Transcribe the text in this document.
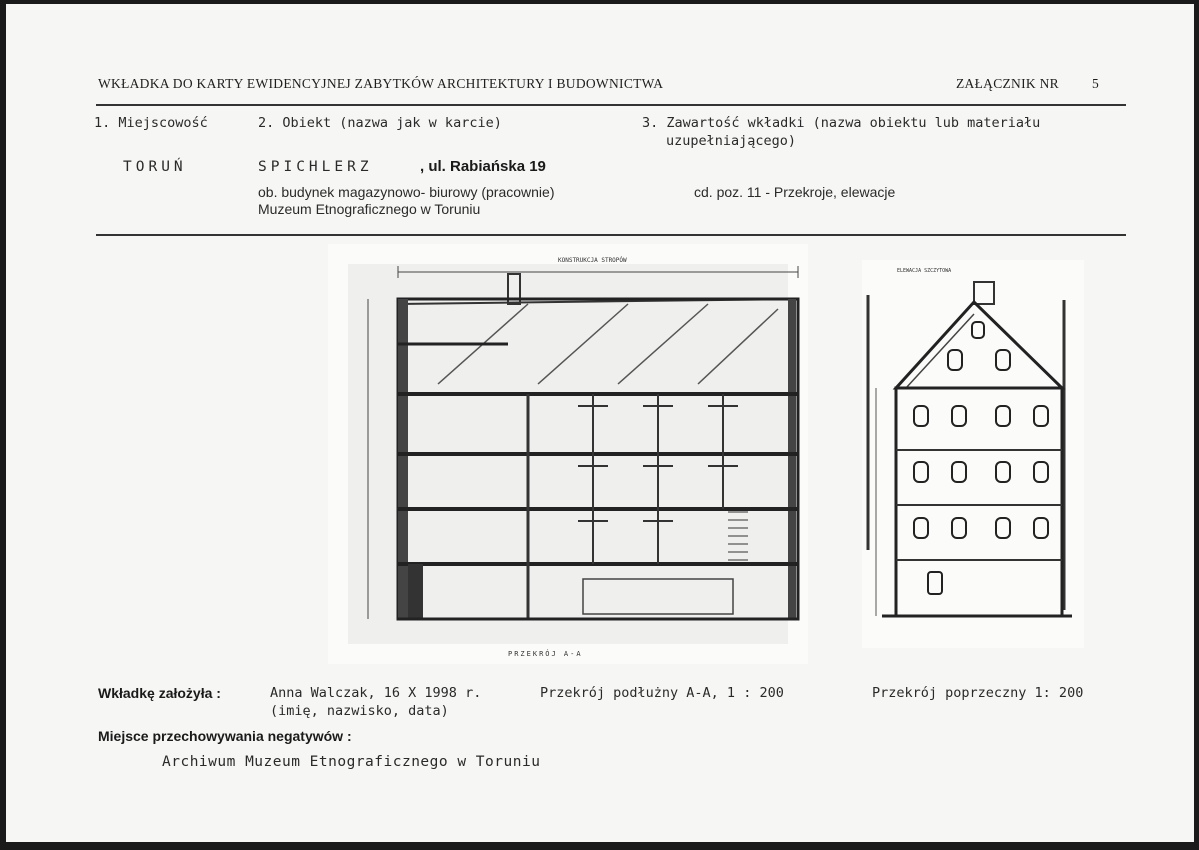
WKŁADKA DO KARTY EWIDENCYJNEJ ZABYTKÓW ARCHITEKTURY I BUDOWNICTWA	ZAŁĄCZNIK NR 5
1. Miejscowość	2. Obiekt (nazwa jak w karcie)	3. Zawartość wkładki (nazwa obiektu lub materiału
uzupełniającego)
TORUŃ	SPICHLERZ	, ul. Rabiańska 19
ob. budynek magazynowo- biurowy (pracownie)
Muzeum Etnograficznego w Toruniu
cd. poz. 11 - Przekroje, elewacje
KONSTRUKCJA STROPÓW
PRZEKRÓJ A-A
ELEWACJA SZCZYTOWA
Wkładkę założyła :	Anna Walczak, 16 X 1998 r.
(imię, nazwisko, data)
Przekrój podłużny A-A, 1 : 200	Przekrój poprzeczny 1: 200
Miejsce przechowywania negatywów :
Archiwum Muzeum Etnograficznego w Toruniu
